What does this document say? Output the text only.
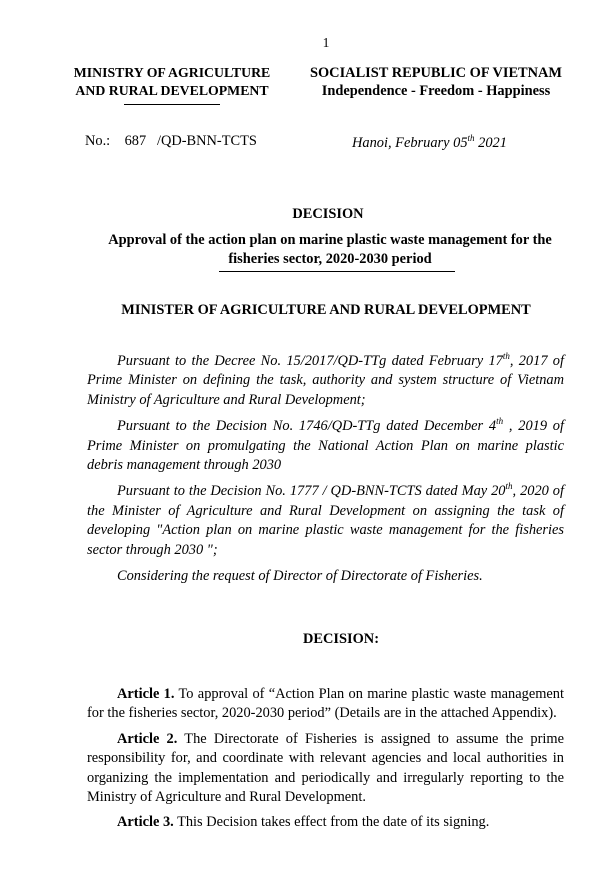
1
MINISTRY OF AGRICULTURE
AND RURAL DEVELOPMENT
SOCIALIST REPUBLIC OF VIETNAM
Independence - Freedom - Happiness
No.: 687 /QD-BNN-TCTS	Hanoi, February 05th 2021
DECISION
Approval of the action plan on marine plastic waste management for the
fisheries sector, 2020-2030 period
MINISTER OF AGRICULTURE AND RURAL DEVELOPMENT

Pursuant to the Decree No. 15/2017/QD-TTg dated February 17th, 2017 of Prime Minister on defining the task, authority and system structure of Vietnam Ministry of Agriculture and Rural Development;

Pursuant to the Decision No. 1746/QD-TTg dated December 4th , 2019 of Prime Minister on promulgating the National Action Plan on marine plastic debris management through 2030

Pursuant to the Decision No. 1777 / QD-BNN-TCTS dated May 20th, 2020 of the Minister of Agriculture and Rural Development on assigning the task of developing "Action plan on marine plastic waste management for the fisheries sector through 2030 ";

Considering the request of Director of Directorate of Fisheries.

DECISION:

Article 1. To approval of “Action Plan on marine plastic waste management for the fisheries sector, 2020-2030 period” (Details are in the attached Appendix).

Article 2. The Directorate of Fisheries is assigned to assume the prime responsibility for, and coordinate with relevant agencies and local authorities in organizing the implementation and periodically and irregularly reporting to the Ministry of Agriculture and Rural Development.

Article 3. This Decision takes effect from the date of its signing.
